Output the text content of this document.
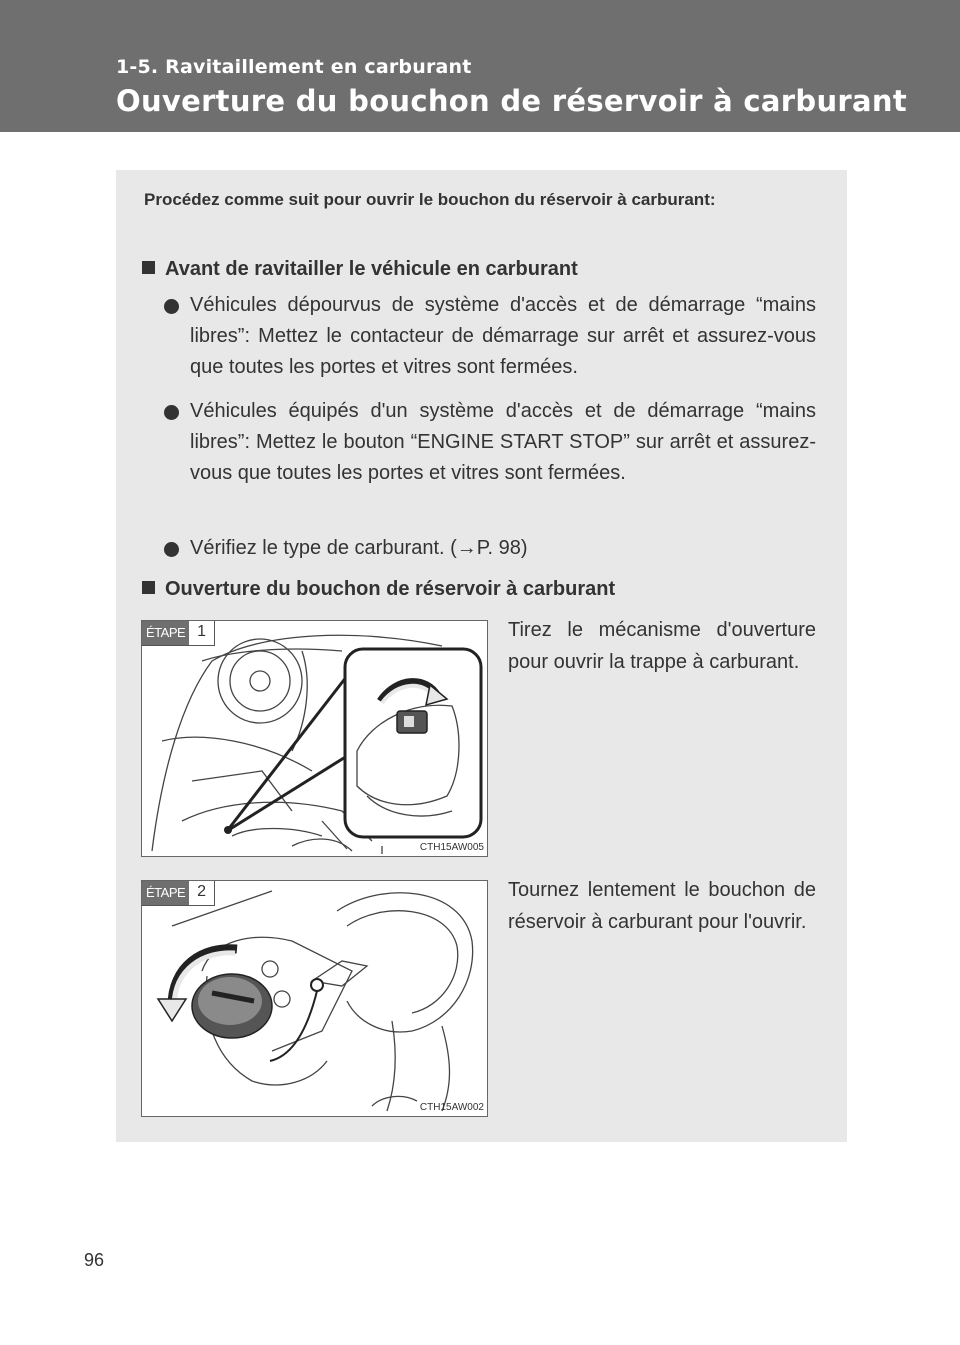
1-5. Ravitaillement en carburant
Ouverture du bouchon de réservoir à carburant
Procédez comme suit pour ouvrir le bouchon du réservoir à carburant:
Avant de ravitailler le véhicule en carburant
Véhicules dépourvus de système d'accès et de démarrage “mains libres”: Mettez le contacteur de démarrage sur arrêt et assurez-vous que toutes les portes et vitres sont fermées.
Véhicules équipés d'un système d'accès et de démarrage “mains libres”: Mettez le bouton “ENGINE START STOP” sur arrêt et assurez-vous que toutes les portes et vitres sont fermées.
Vérifiez le type de carburant. (→P. 98)
Ouverture du bouchon de réservoir à carburant
ÉTAPE 1
CTH15AW005
Tirez le mécanisme d'ouverture pour ouvrir la trappe à carburant.
ÉTAPE 2
CTH15AW002
Tournez lentement le bouchon de réservoir à carburant pour l'ouvrir.
96
